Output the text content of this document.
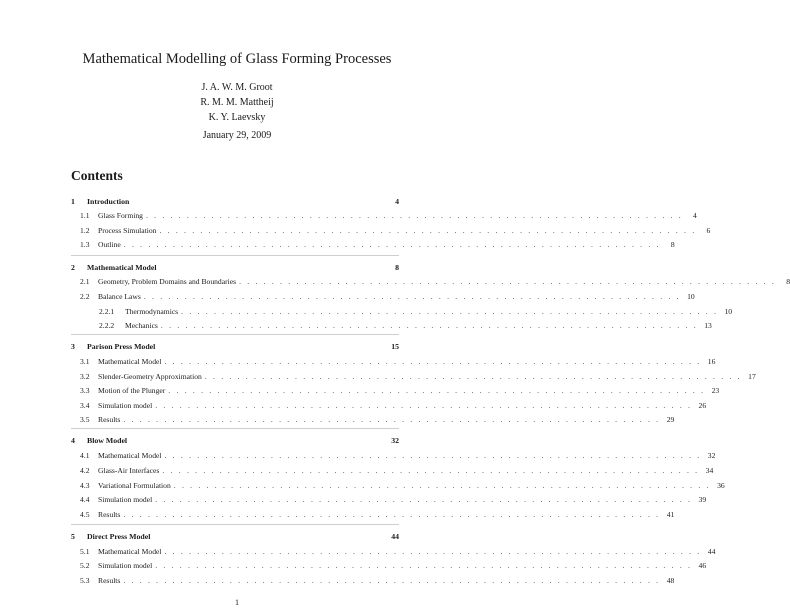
Mathematical Modelling of Glass Forming Processes
J. A. W. M. Groot
R. M. M. Mattheij
K. Y. Laevsky
January 29, 2009
Contents
1	Introduction	4
1.1	Glass Forming . . . . . . . . . . . . . . . . . . . . . . . . . . . . . . . . . . . . . . . . . . . . . . . . . . . . . . . . . . . . . . . . . .	4
1.2	Process Simulation . . . . . . . . . . . . . . . . . . . . . . . . . . . . . . . . . . . . . . . . . . . . . . . . . . . . . . . . . . . . . . . . . .	6
1.3	Outline . . . . . . . . . . . . . . . . . . . . . . . . . . . . . . . . . . . . . . . . . . . . . . . . . . . . . . . . . . . . . . . . . .	8
2	Mathematical Model	8
2.1	Geometry, Problem Domains and Boundaries . . . . . . . . . . . . . . . . . . . . . . . . . . . . . . . . . . . . . . . . . . . . . . . . . . . . . . . . . . . . . . . . . .	8
2.2	Balance Laws . . . . . . . . . . . . . . . . . . . . . . . . . . . . . . . . . . . . . . . . . . . . . . . . . . . . . . . . . . . . . . . . . . 10
2.2.1	Thermodynamics . . . . . . . . . . . . . . . . . . . . . . . . . . . . . . . . . . . . . . . . . . . . . . . . . . . . . . . . . . . . . . . . . . 10
2.2.2	Mechanics . . . . . . . . . . . . . . . . . . . . . . . . . . . . . . . . . . . . . . . . . . . . . . . . . . . . . . . . . . . . . . . . . . 13
3	Parison Press Model	15
3.1	Mathematical Model . . . . . . . . . . . . . . . . . . . . . . . . . . . . . . . . . . . . . . . . . . . . . . . . . . . . . . . . . . . . . . . . . . 16
3.2	Slender-Geometry Approximation . . . . . . . . . . . . . . . . . . . . . . . . . . . . . . . . . . . . . . . . . . . . . . . . . . . . . . . . . . . . . . . . . . 17
3.3	Motion of the Plunger . . . . . . . . . . . . . . . . . . . . . . . . . . . . . . . . . . . . . . . . . . . . . . . . . . . . . . . . . . . . . . . . . . 23
3.4	Simulation model . . . . . . . . . . . . . . . . . . . . . . . . . . . . . . . . . . . . . . . . . . . . . . . . . . . . . . . . . . . . . . . . . . 26
3.5	Results . . . . . . . . . . . . . . . . . . . . . . . . . . . . . . . . . . . . . . . . . . . . . . . . . . . . . . . . . . . . . . . . . . 29
4	Blow Model	32
4.1	Mathematical Model . . . . . . . . . . . . . . . . . . . . . . . . . . . . . . . . . . . . . . . . . . . . . . . . . . . . . . . . . . . . . . . . . . 32
4.2	Glass-Air Interfaces . . . . . . . . . . . . . . . . . . . . . . . . . . . . . . . . . . . . . . . . . . . . . . . . . . . . . . . . . . . . . . . . . . 34
4.3	Variational Formulation . . . . . . . . . . . . . . . . . . . . . . . . . . . . . . . . . . . . . . . . . . . . . . . . . . . . . . . . . . . . . . . . . . 36
4.4	Simulation model . . . . . . . . . . . . . . . . . . . . . . . . . . . . . . . . . . . . . . . . . . . . . . . . . . . . . . . . . . . . . . . . . . 39
4.5	Results . . . . . . . . . . . . . . . . . . . . . . . . . . . . . . . . . . . . . . . . . . . . . . . . . . . . . . . . . . . . . . . . . . 41
5	Direct Press Model	44
5.1	Mathematical Model . . . . . . . . . . . . . . . . . . . . . . . . . . . . . . . . . . . . . . . . . . . . . . . . . . . . . . . . . . . . . . . . . . 44
5.2	Simulation model . . . . . . . . . . . . . . . . . . . . . . . . . . . . . . . . . . . . . . . . . . . . . . . . . . . . . . . . . . . . . . . . . . 46
5.3	Results . . . . . . . . . . . . . . . . . . . . . . . . . . . . . . . . . . . . . . . . . . . . . . . . . . . . . . . . . . . . . . . . . . 48
1
